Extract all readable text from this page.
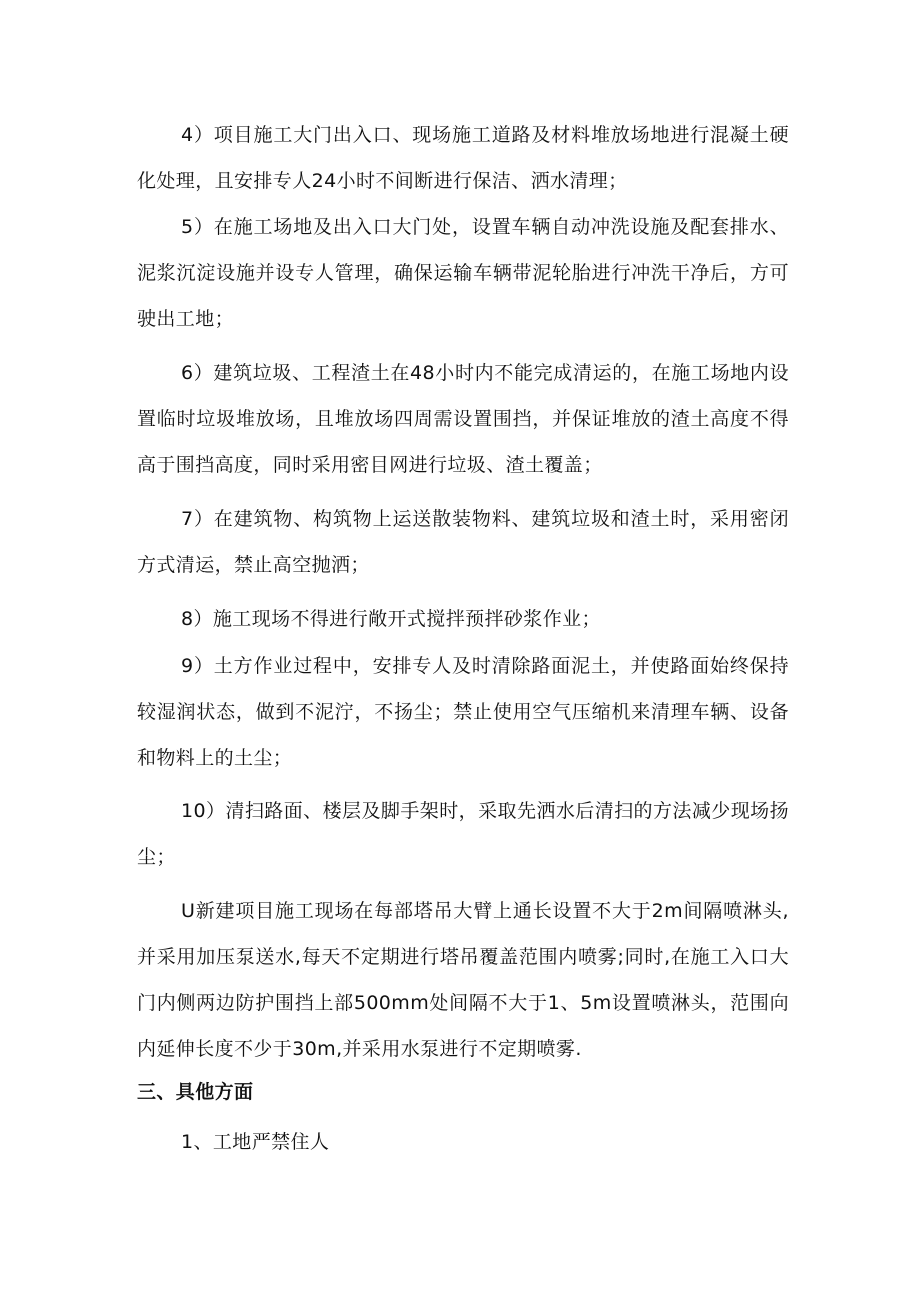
4）项目施工大门出入口、现场施工道路及材料堆放场地进行混凝土硬化处理，且安排专人24小时不间断进行保洁、洒水清理；

5）在施工场地及出入口大门处，设置车辆自动冲洗设施及配套排水、泥浆沉淀设施并设专人管理，确保运输车辆带泥轮胎进行冲洗干净后，方可驶出工地；

6）建筑垃圾、工程渣土在48小时内不能完成清运的，在施工场地内设置临时垃圾堆放场，且堆放场四周需设置围挡，并保证堆放的渣土高度不得高于围挡高度，同时采用密目网进行垃圾、渣土覆盖；

7）在建筑物、构筑物上运送散装物料、建筑垃圾和渣土时，采用密闭方式清运，禁止高空抛洒；

8）施工现场不得进行敞开式搅拌预拌砂浆作业；

9）土方作业过程中，安排专人及时清除路面泥土，并使路面始终保持较湿润状态，做到不泥泞，不扬尘；禁止使用空气压缩机来清理车辆、设备和物料上的土尘；

10）清扫路面、楼层及脚手架时，采取先洒水后清扫的方法减少现场扬尘；

U新建项目施工现场在每部塔吊大臂上通长设置不大于2m间隔喷淋头,并采用加压泵送水,每天不定期进行塔吊覆盖范围内喷雾;同时,在施工入口大门内侧两边防护围挡上部500mm处间隔不大于1、5m设置喷淋头，范围向内延伸长度不少于30m,并采用水泵进行不定期喷雾.

三、具他方面

1、工地严禁住人
